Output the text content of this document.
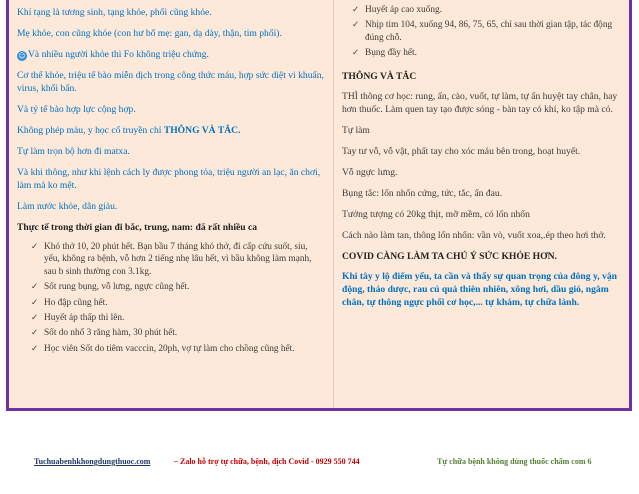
Khí tạng là tương sinh, tạng khỏe, phổi cũng khỏe.

Mẹ khỏe, con cũng khỏe (con hư bố mẹ: gan, dạ dày, thận, tim phổi).

☺ Và nhiều người khỏe thì Fo không triệu chứng.

Cơ thể khỏe, triệu tế bào miễn dịch trong công thức máu, hợp sức diệt vi khuẩn, virus, khối bẩn.

Và tỷ tế bào hợp lực cộng hợp.

Không phép màu, y học cổ truyền chỉ THÔNG VÀ TẮC.

Tự làm trọn bộ hơn đi matxa.

Và khi thông, như khi lệnh cách ly được phong tỏa, triệu người an lạc, ăn chơi, làm mà ko mệt.

Làm nước khỏe, dân giàu.

Thực tế trong thời gian đi bắc, trung, nam: đã rất nhiều ca

✓ Khó thở 10, 20 phút hết. Bạn bầu 7 tháng khó thở, đi cấp cứu suốt, siu, yếu, không ra bệnh, vỗ hơn 2 tiếng nhẹ lâu hết, vì bầu không làm mạnh, sau b sinh thường con 3.1kg.
✓ Sốt rung bụng, vỗ lưng, ngực cũng hết.
✓ Ho đập cũng hết.
✓ Huyết áp thấp thì lên.
✓ Sốt do nhổ 3 răng hàm, 30 phút hết.
✓ Học viên Sốt do tiêm vacccin, 20ph, vợ tự làm cho chồng cũng hết.
✓ Huyết áp cao xuống.
✓ Nhịp tim 104, xuống 94, 86, 75, 65, chỉ sau thời gian tập, tác động đúng chỗ.
✓ Bụng đầy hết.

THÔNG VÀ TẮC

THÌ thông cơ học: rung, ấn, cào, vuốt, tự làm, tự ấn huyệt tay chân, hay hơn thuốc. Làm quen tay tạo được sóng - bàn tay có khí, ko tập mà có.

Tự làm

Tay tư vỗ, vỗ vật, phất tay cho xóc máu bên trong, hoạt huyết.

Vỗ ngực lưng.

Bụng tắc: lổn nhổn cứng, tức, tắc, ấn đau.

Tưởng tượng có 20kg thịt, mỡ mềm, có lổn nhổn

Cách nào làm tan, thông lổn nhổn: vần vò, vuốt xoa,.ép theo hơi thở.

COVID CÀNG LÀM TA CHÚ Ý SỨC KHỎE HƠN.

Khi tây y lộ điểm yếu, ta cần và thấy sự quan trọng của đông y, vận động, thảo dược, rau củ quả thiên nhiên, xông hơi, dầu gió, ngâm chân, tự thông ngực phổi cơ học,... tự khám, tự chữa lành.

Tuchuabenhkhongdungthuoc.com	– Zalo hỗ trợ tự chữa, bệnh, dịch Covid - 0929 550 744	Tự chữa bệnh không dùng thuốc chấm com 6
